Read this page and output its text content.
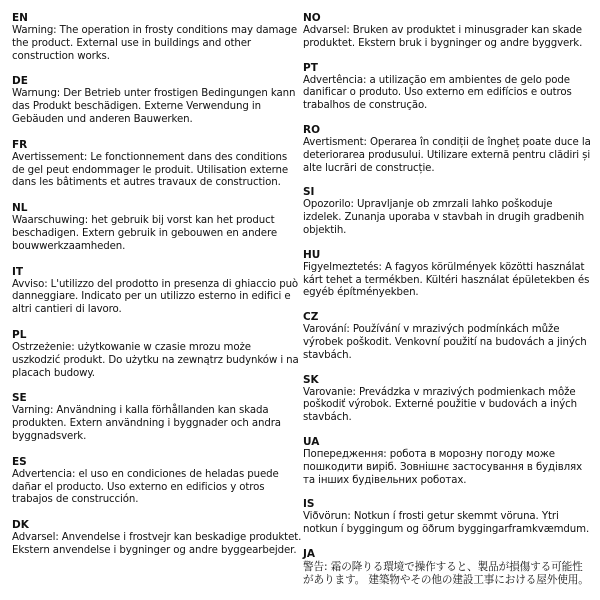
EN

Warning: The operation in frosty conditions may damage the product. External use in buildings and other construction works.

DE

Warnung: Der Betrieb unter frostigen Bedingungen kann das Produkt beschädigen. Externe Verwendung in Gebäuden und anderen Bauwerken.

FR

Avertissement: Le fonctionnement dans des conditions de gel peut endommager le produit. Utilisation externe dans les bâtiments et autres travaux de construction.

NL

Waarschuwing: het gebruik bij vorst kan het product beschadigen. Extern gebruik in gebouwen en andere bouwwerkzaamheden.

IT

Avviso: L'utilizzo del prodotto in presenza di ghiaccio può danneggiare. Indicato per un utilizzo esterno in edifici e altri cantieri di lavoro.

PL

Ostrzeżenie: użytkowanie w czasie mrozu może uszkodzić produkt. Do użytku na zewnątrz budynków i na placach budowy.

SE

Varning: Användning i kalla förhållanden kan skada produkten. Extern användning i byggnader och andra byggnadsverk.

ES

Advertencia: el uso en condiciones de heladas puede dañar el producto. Uso externo en edificios y otros trabajos de construcción.

DK

Advarsel: Anvendelse i frostvejr kan beskadige produktet. Ekstern anvendelse i bygninger og andre byggearbejder.

NO

Advarsel: Bruken av produktet i minusgrader kan skade produktet. Ekstern bruk i bygninger og andre byggverk.

PT

Advertência: a utilização em ambientes de gelo pode danificar o produto. Uso externo em edifícios e outros trabalhos de construção.

RO

Avertisment: Operarea în condiții de îngheț poate duce la deteriorarea produsului. Utilizare externă pentru clădiri și alte lucrări de construcție.

SI

Opozorilo: Upravljanje ob zmrzali lahko poškoduje izdelek. Zunanja uporaba v stavbah in drugih gradbenih objektih.

HU

Figyelmeztetés: A fagyos körülmények közötti használat kárt tehet a termékben. Kültéri használat épületekben és egyéb építményekben.

CZ

Varování: Používání v mrazivých podmínkách může výrobek poškodit. Venkovní použití na budovách a jiných stavbách.

SK

Varovanie: Prevádzka v mrazivých podmienkach môže poškodiť výrobok. Externé použitie v budovách a iných stavbách.

UA

Попередження: робота в морозну погоду може пошкодити виріб. Зовнішнє застосування в будівлях та інших будівельних роботах.

IS

Viðvörun: Notkun í frosti getur skemmt vöruna. Ytri notkun í byggingum og öðrum byggingarframkvæmdum.

JA

警告: 霜の降りる環境で操作すると、製品が損傷する可能性があります。 建築物やその他の建設工事における屋外使用。
